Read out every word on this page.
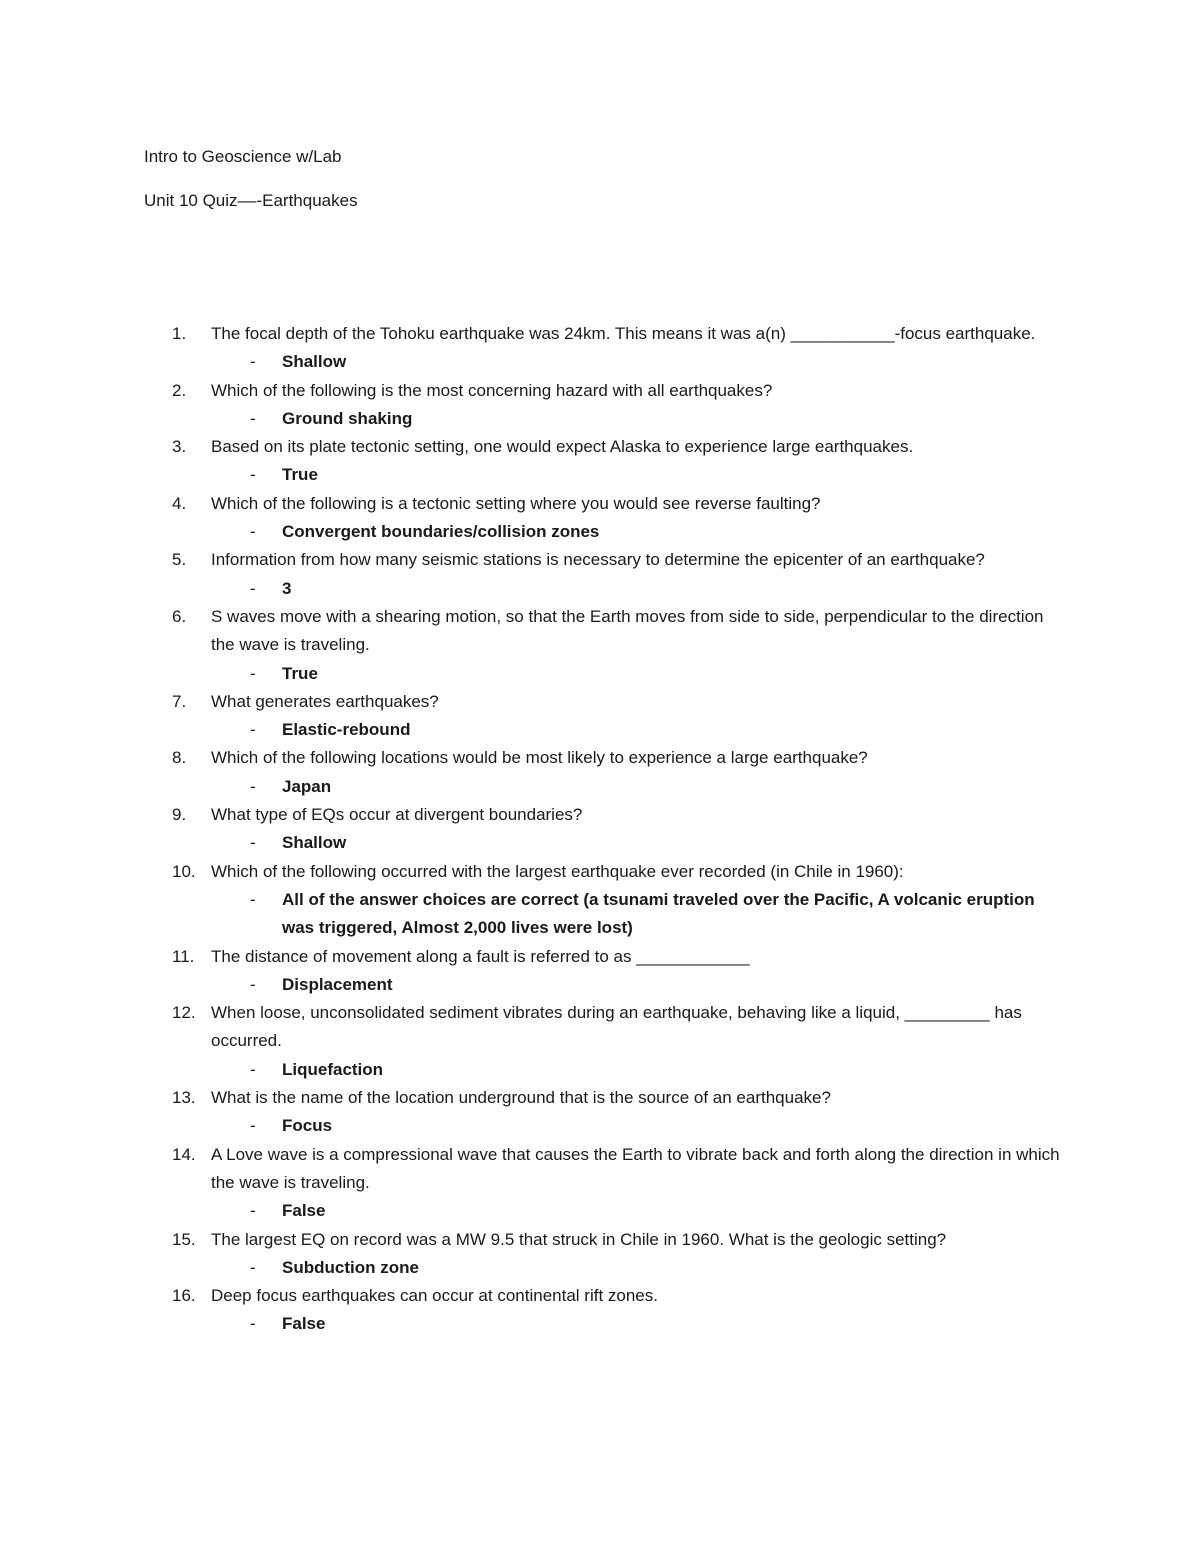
Intro to Geoscience w/Lab
Unit 10 Quiz––-Earthquakes
1.	The focal depth of the Tohoku earthquake was 24km. This means it was a(n) ___________-focus earthquake.
- Shallow
2.	Which of the following is the most concerning hazard with all earthquakes?
- Ground shaking
3.	Based on its plate tectonic setting, one would expect Alaska to experience large earthquakes.
- True
4.	Which of the following is a tectonic setting where you would see reverse faulting?
- Convergent boundaries/collision zones
5.	Information from how many seismic stations is necessary to determine the epicenter of an earthquake?
- 3
6.	S waves move with a shearing motion, so that the Earth moves from side to side, perpendicular to the direction the wave is traveling.
- True
7.	What generates earthquakes?
- Elastic-rebound
8.	Which of the following locations would be most likely to experience a large earthquake?
- Japan
9.	What type of EQs occur at divergent boundaries?
- Shallow
10. Which of the following occurred with the largest earthquake ever recorded (in Chile in 1960):
- All of the answer choices are correct (a tsunami traveled over the Pacific, A volcanic eruption was triggered, Almost 2,000 lives were lost)
11. The distance of movement along a fault is referred to as ____________
- Displacement
12. When loose, unconsolidated sediment vibrates during an earthquake, behaving like a liquid, _________ has occurred.
- Liquefaction
13. What is the name of the location underground that is the source of an earthquake?
- Focus
14. A Love wave is a compressional wave that causes the Earth to vibrate back and forth along the direction in which the wave is traveling.
- False
15. The largest EQ on record was a MW 9.5 that struck in Chile in 1960. What is the geologic setting?
- Subduction zone
16. Deep focus earthquakes can occur at continental rift zones.
- False
